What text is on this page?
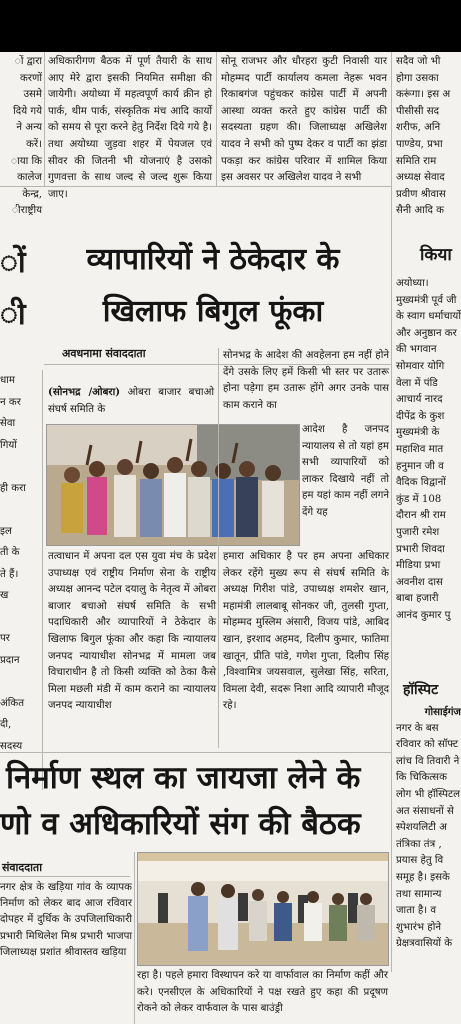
ों द्वारा

करणों

उसमे

दिये गये

ने अन्य

करें।

ाया कि

कालेज

केन्द्र,

ीराष्ट्रीय

अधिकारीगण बैठक में पूर्ण तैयारी के साथ आए मेरे द्वारा इसकी नियमित समीक्षा की जायेगी। अयोध्या में महत्वपूर्ण कार्य क्रीन हो पार्क, थीम पार्क, संस्कृतिक मंच आदि कार्यो को समय से पूरा करने हेतु निर्देश दिये गये है। तथा अयोध्या जुड़वा शहर में पेयजल एवं सीवर की जितनी भी योजनाएं है उसको गुणवत्ता के साथ जल्द से जल्द शुरू किया जाए।

सोनू राजभर और धौरहरा कुटी निवासी यार मोहम्मद पार्टी कार्यालय कमला नेहरू भवन रिकाबगंज पहुंचकर कांग्रेस पार्टी में अपनी आस्था व्यक्त करते हुए कांग्रेस पार्टी की सदस्यता ग्रहण की। जिलाध्यक्ष अखिलेश यादव ने सभी को पुष्प देकर व पार्टी का झंडा पकड़ा कर कांग्रेस परिवार में शामिल किया इस अवसर पर अखिलेश यादव ने सभी

सदैव जो भी

होगा उसका

करूंगा। इस अ

पीसीसी सद

शरीफ, अनि

पाण्डेय, प्रभा

समिति राम

अध्यक्ष सेवाद

प्रवीण श्रीवास

सैनी आदि क

किया
ों
ी
व्यापारियों ने ठेकेदार के
खिलाफ बिगुल फूंका
अवधनामा संवाददाता

धाम

न कर

सेवा

गियों

ही करा

इल

ती के

ते हैं।

ख

पर

प्रदान

अंकित

दी,

सदस्य

(सोनभद्र /ओबरा) ओबरा बाजार बचाओ संघर्ष समिति के

सोनभद्र के आदेश की अवहेलना हम नहीं होने देंगे उसके लिए हमें किसी भी स्तर पर उतारू होना पड़ेगा हम उतारू होंगे अगर उनके पास काम कराने का

आदेश है जनपद न्यायालय से तो यहां हम सभी व्यापारियों को लाकर दिखाये नहीं तो हम यहां काम नहीं लगने देंगे यह

तत्वाधान में अपना दल एस युवा मंच के प्रदेश उपाध्यक्ष एवं राष्ट्रीय निर्माण सेना के राष्ट्रीय अध्यक्ष आनन्द पटेल दयालु के नेतृत्व में ओबरा बाजार बचाओ संघर्ष समिति के सभी पदाधिकारी और व्यापारियों ने ठेकेदार के खिलाफ बिगुल फूंका और कहा कि न्यायालय जनपद न्यायाधीश सोनभद्र में मामला जब विचाराधीन है तो किसी व्यक्ति को ठेका कैसे मिला मछली मंडी में काम कराने का न्यायालय जनपद न्यायाधीश

हमारा अधिकार है पर हम अपना अधिकार लेकर रहेंगे मुख्य रूप से संघर्ष समिति के अध्यक्ष गिरीश पांडे, उपाध्यक्ष शमशेर खान, महामंत्री लालबाबू सोनकर जी, तुलसी गुप्ता, मोहम्मद मुस्लिम अंसारी, विजय पांडे, आबिद खान, इरशाद अहमद, दिलीप कुमार, फातिमा खातून, प्रीति पांडे, गणेश गुप्ता, दिलीप सिंह ,विश्वामित्र जयसवाल, सुलेखा सिंह, सरिता, विमला देवी, सदरू निशा आदि व्यापारी मौजूद रहे।

अयोध्या। मुख्यमंत्री पूर्व जी के स्वाग धर्माचार्यो और अनुष्ठान कर की भगवान सोमवार योगि वेला में पंडि आचार्य नारद दीपेंद्र के कुश मुख्यमंत्री के महाशिव मात हनुमान जी व वैदिक विद्वानों कुंड में 108 दौरान श्री राम पुजारी रमेश प्रभारी शिवदा मीडिया प्रभा अवनीश दास बाबा हजारी आनंद कुमार पु

हॉस्पिट

गोसाईगंज

नगर के बस रविवार को सॉफ्ट लांच वि तिवारी ने कि चिकित्सक लोग भी हॉस्पिटल अत संसाधनों से स्पेशयलिटी अ तंत्रिका तंत्र , प्रयास हेतु वि समूह है। इसके तथा सामान्य जाता है। व शुभारंभ होने ग्रेक्षत्रवासियों के

निर्माण स्थल का जायजा लेने के
णो व अधिकारियों संग की बैठक
संवाददाता

नगर क्षेत्र के खड़िया गांव के व्यापक निर्माण को लेकर बाद आज रविवार दोपहर में दुर्धिक के उपजिलाधिकारी प्रभारी मिथिलेश मिश्र प्रभारी भाजपा जिलाध्यक्ष प्रशांत श्रीवास्तव खड़िया

रहा है। पहले हमारा विस्थापन करे या वार्फावाल का निर्माण कहीं और करे। एनसीएल के अधिकारियों ने पक्ष रखते हुए कहा की प्रदूषण रोकने को लेकर वार्फवाल के पास बाउंड्री
